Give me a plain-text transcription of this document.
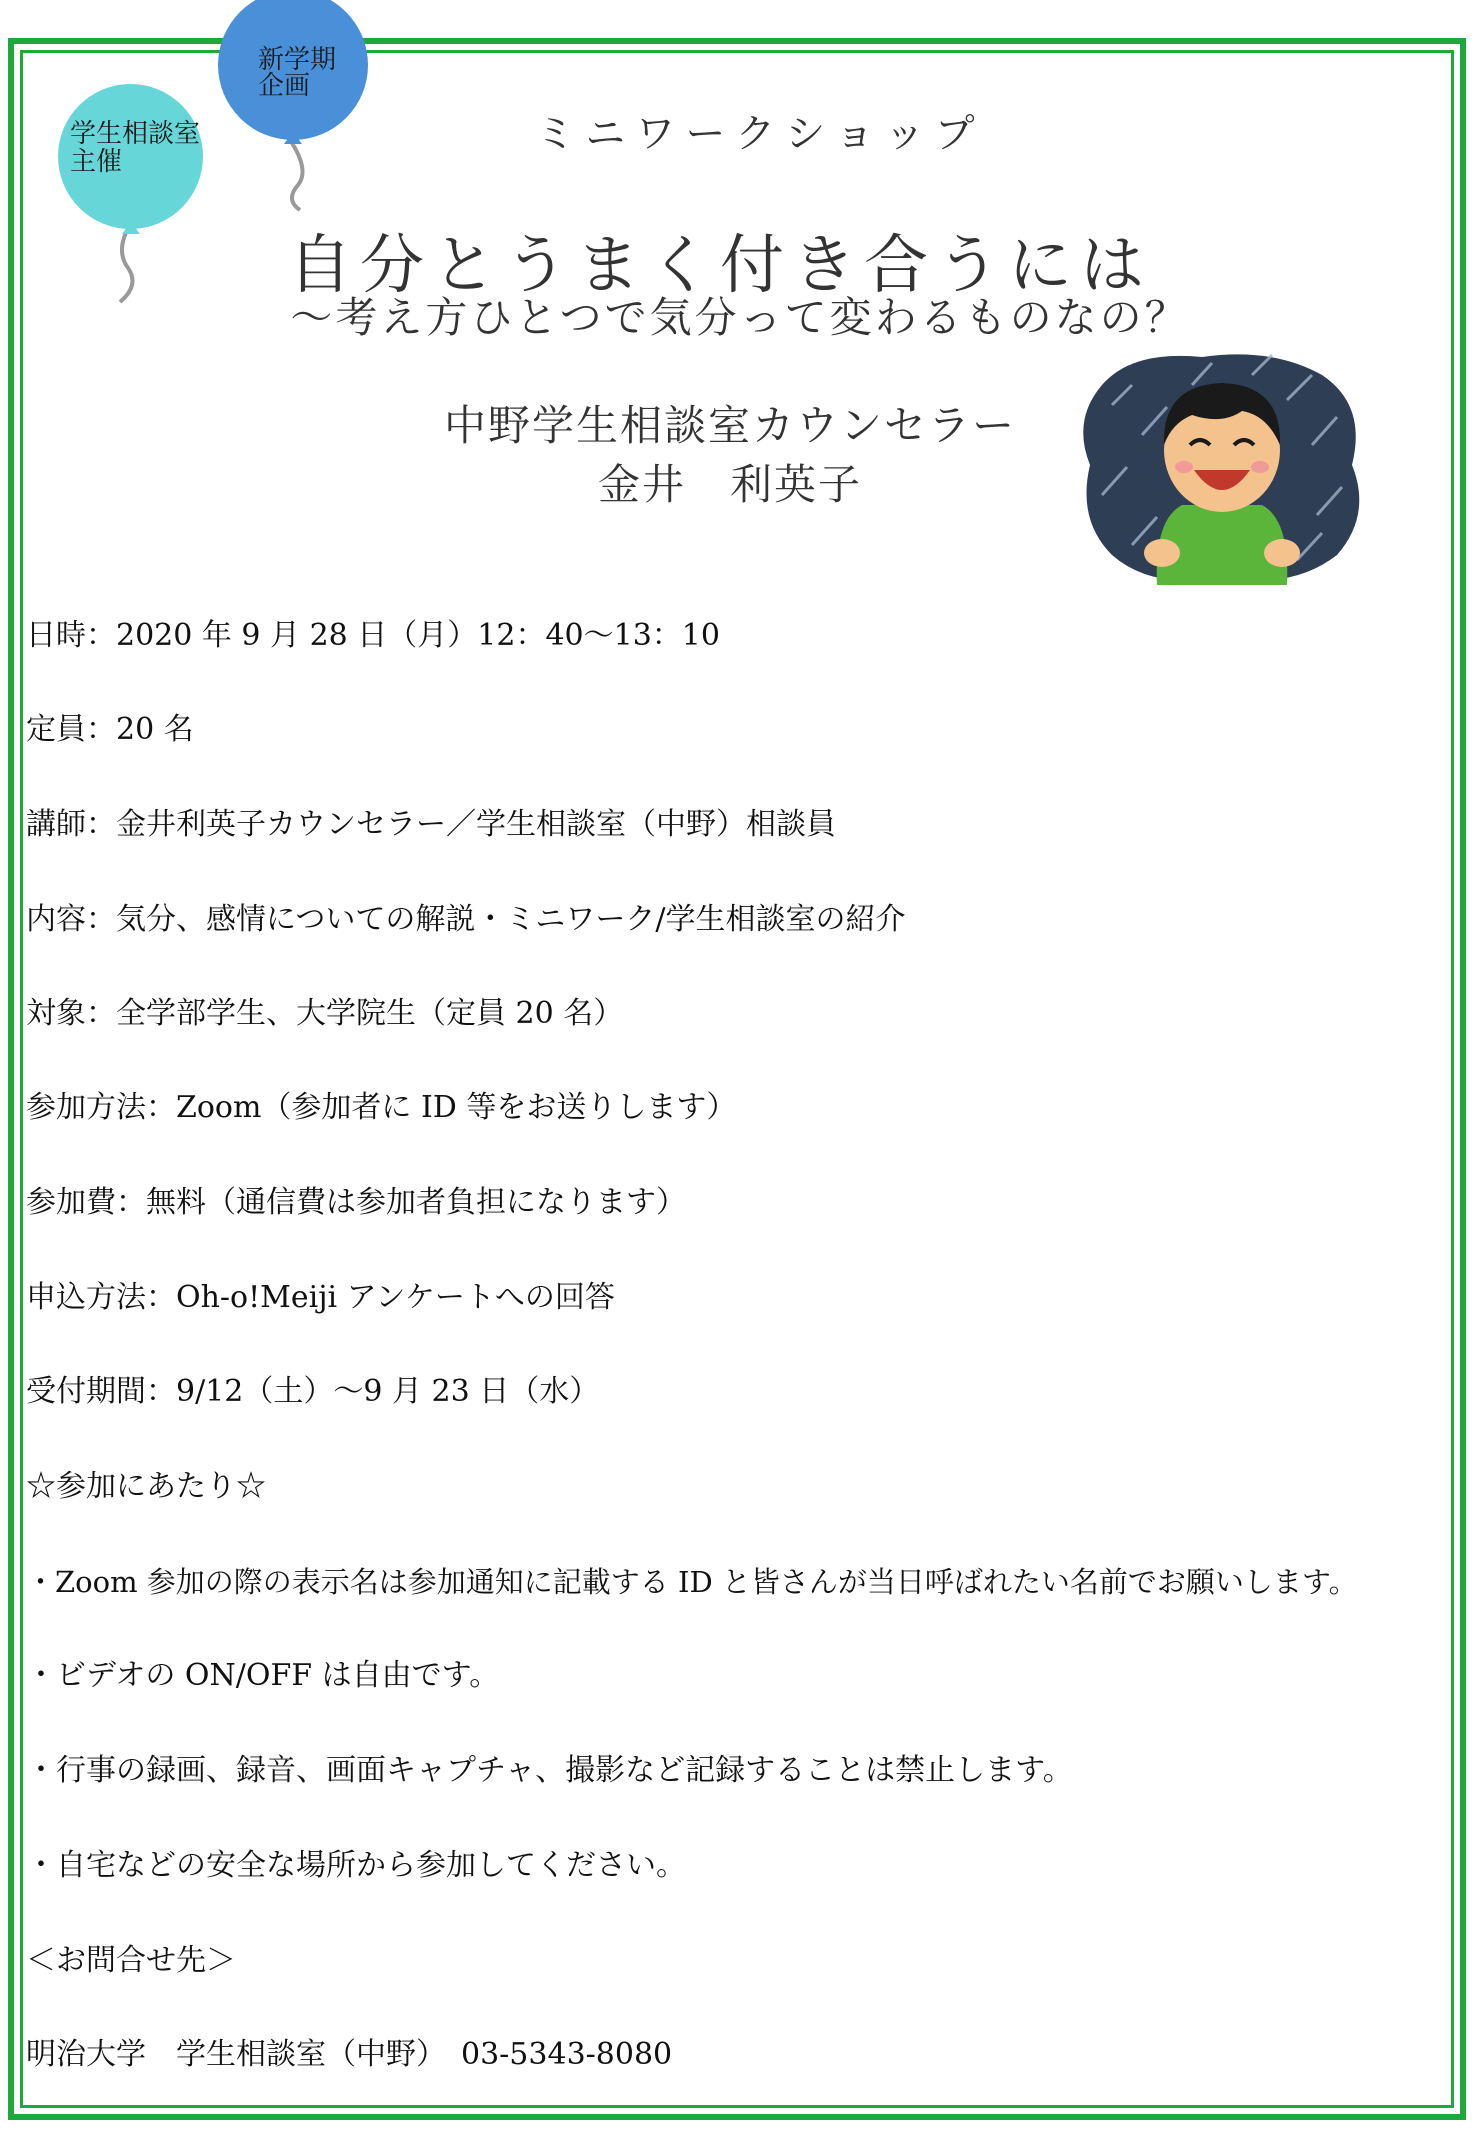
新学期
企画
学生相談室
主催
ミニワークショップ
自分とうまく付き合うには
〜考え方ひとつで気分って変わるものなの？
中野学生相談室カウンセラー
金井　利英子
日時：2020 年 9 月 28 日（月）12：40〜13：10
定員：20 名
講師：金井利英子カウンセラー／学生相談室（中野）相談員
内容：気分、感情についての解説・ミニワーク/学生相談室の紹介
対象：全学部学生、大学院生（定員 20 名）
参加方法：Zoom（参加者に ID 等をお送りします）
参加費：無料（通信費は参加者負担になります）
申込方法：Oh-o!Meiji アンケートへの回答
受付期間：9/12（土）〜9 月 23 日（水）
☆参加にあたり☆
・Zoom 参加の際の表示名は参加通知に記載する ID と皆さんが当日呼ばれたい名前でお願いします。
・ビデオの ON/OFF は自由です。
・行事の録画、録音、画面キャプチャ、撮影など記録することは禁止します。
・自宅などの安全な場所から参加してください。
＜お問合せ先＞
明治大学　学生相談室（中野）　03-5343-8080
